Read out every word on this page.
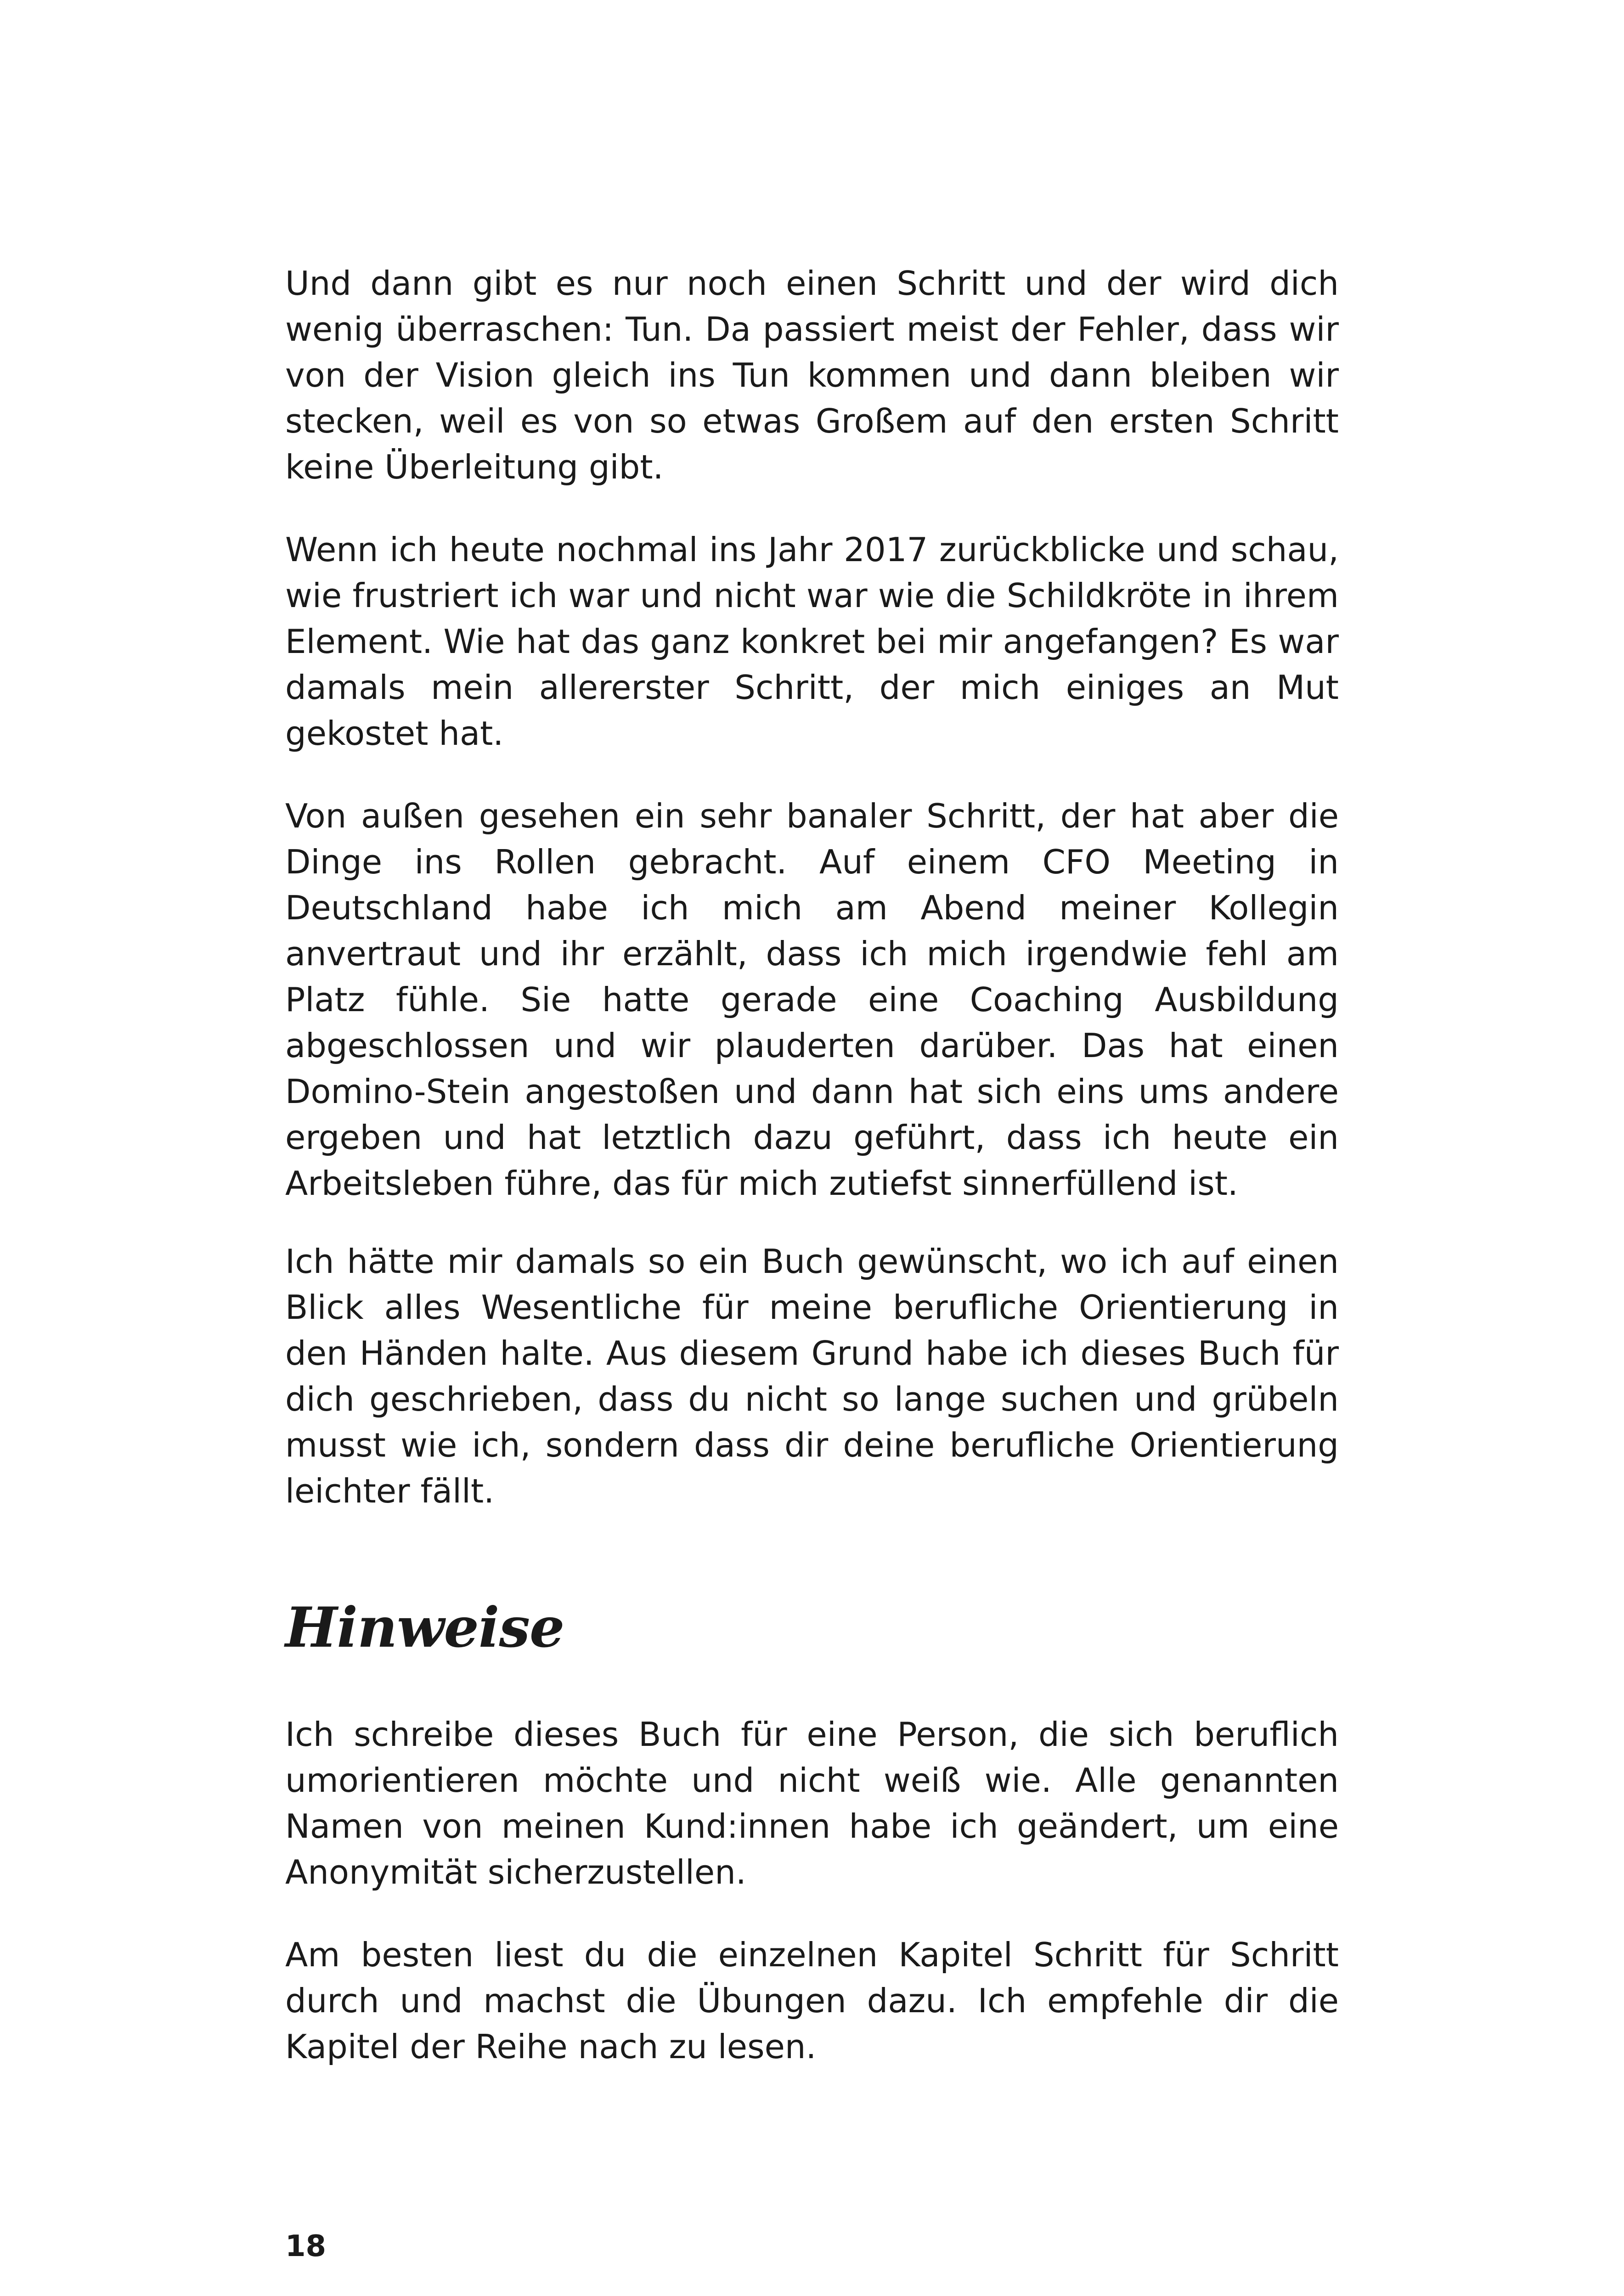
Und dann gibt es nur noch einen Schritt und der wird dich wenig überraschen: Tun. Da passiert meist der Fehler, dass wir von der Vision gleich ins Tun kommen und dann bleiben wir stecken, weil es von so etwas Großem auf den ersten Schritt keine Überleitung gibt.

Wenn ich heute nochmal ins Jahr 2017 zurückblicke und schau, wie frustriert ich war und nicht war wie die Schildkröte in ihrem Element. Wie hat das ganz konkret bei mir angefangen? Es war damals mein allererster Schritt, der mich einiges an Mut gekostet hat.

Von außen gesehen ein sehr banaler Schritt, der hat aber die Dinge ins Rollen gebracht. Auf einem CFO Meeting in Deutschland habe ich mich am Abend meiner Kollegin anvertraut und ihr erzählt, dass ich mich irgendwie fehl am Platz fühle. Sie hatte gerade eine Coaching Ausbildung abgeschlossen und wir plauderten darüber. Das hat einen Domino-Stein angestoßen und dann hat sich eins ums andere ergeben und hat letztlich dazu geführt, dass ich heute ein Arbeitsleben führe, das für mich zutiefst sinnerfüllend ist.

Ich hätte mir damals so ein Buch gewünscht, wo ich auf einen Blick alles Wesentliche für meine berufliche Orientierung in den Händen halte. Aus diesem Grund habe ich dieses Buch für dich geschrieben, dass du nicht so lange suchen und grübeln musst wie ich, sondern dass dir deine berufliche Orientierung leichter fällt.

Hinweise

Ich schreibe dieses Buch für eine Person, die sich beruflich umorientieren möchte und nicht weiß wie. Alle genannten Namen von meinen Kund:innen habe ich geändert, um eine Anonymität sicherzustellen.

Am besten liest du die einzelnen Kapitel Schritt für Schritt durch und machst die Übungen dazu. Ich empfehle dir die Kapitel der Reihe nach zu lesen.

18
